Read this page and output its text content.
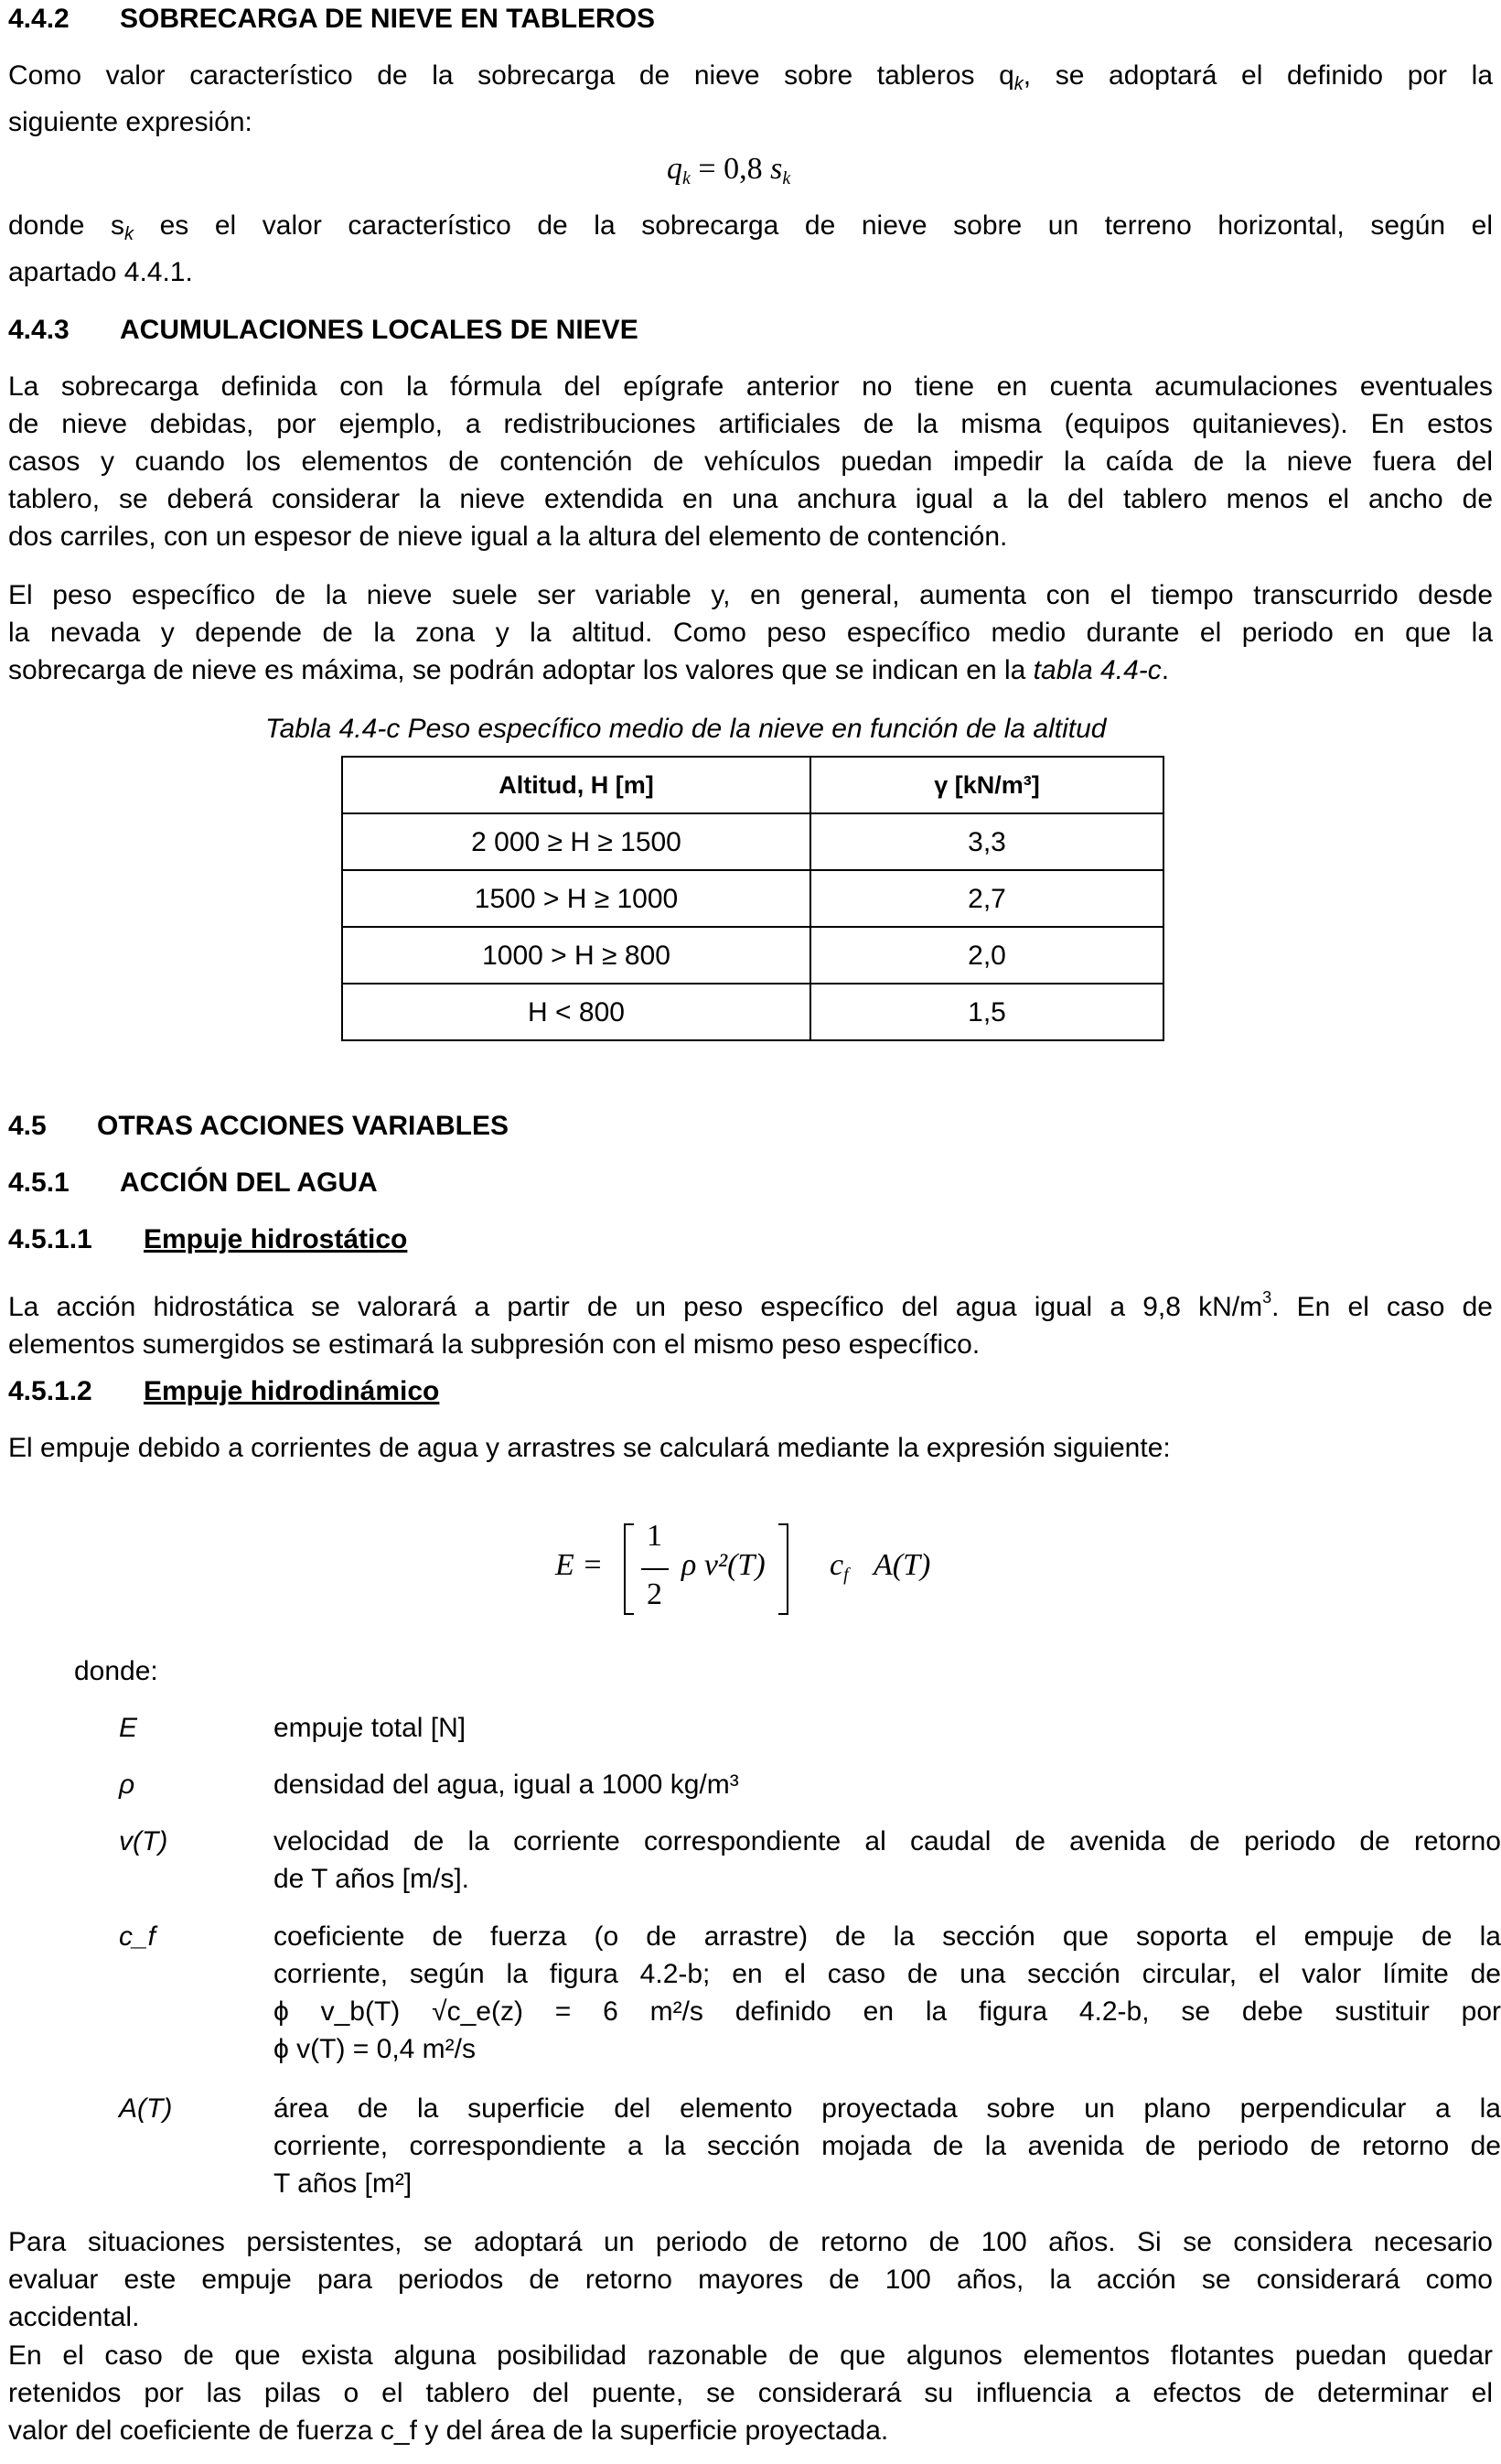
4.4.2 SOBRECARGA DE NIEVE EN TABLEROS
Como valor característico de la sobrecarga de nieve sobre tableros $q_k$, se adoptará el definido por la
siguiente expresión:
$q_k = 0,8$ $s_k$
donde $s_k$ es el valor característico de la sobrecarga de nieve sobre un terreno horizontal, según el
apartado 4.4.1.
4.4.3 ACUMULACIONES LOCALES DE NIEVE
La sobrecarga definida con la fórmula del epígrafe anterior no tiene en cuenta acumulaciones eventuales
de nieve debidas, por ejemplo, a redistribuciones artificiales de la misma (equipos quitanieves). En estos
casos y cuando los elementos de contención de vehículos puedan impedir la caída de la nieve fuera del
tablero, se deberá considerar la nieve extendida en una anchura igual a la del tablero menos el ancho de
dos carriles, con un espesor de nieve igual a la altura del elemento de contención.
El peso específico de la nieve suele ser variable y, en general, aumenta con el tiempo transcurrido desde
la nevada y depende de la zona y la altitud. Como peso específico medio durante el periodo en que la
sobrecarga de nieve es máxima, se podrán adoptar los valores que se indican en la tabla 4.4-c.
Tabla 4.4-c Peso específico medio de la nieve en función de la altitud
Altitud, H [m]	γ [kN/m³]
2 000 ≥ H ≥ 1500	3,3
1500 > H ≥ 1000	2,7
1000 > H ≥ 800	2,0
H < 800	1,5
4.5 OTRAS ACCIONES VARIABLES
4.5.1 ACCIÓN DEL AGUA
4.5.1.1 Empuje hidrostático
La acción hidrostática se valorará a partir de un peso específico del agua igual a 9,8 $kN/m^3$. En el caso de
elementos sumergidos se estimará la subpresión con el mismo peso específico.
4.5.1.2 Empuje hidrodinámico
El empuje debido a corrientes de agua y arrastres se calculará mediante la expresión siguiente:
E =
1
2
ρ v²(T) $c_f$ A(T)
donde:
E	empuje total [N]
ρ	densidad del agua, igual a 1000 kg/m³
v(T)	velocidad de la corriente correspondiente al caudal de avenida de periodo de retorno
de T años [m/s].
c_f	coeficiente de fuerza (o de arrastre) de la sección que soporta el empuje de la
corriente, según la figura 4.2-b; en el caso de una sección circular, el valor límite de
ϕ v_b(T) √c_e(z) = 6 m²/s definido en la figura 4.2-b, se debe sustituir por
ϕ v(T) = 0,4 m²/s
A(T)	área de la superficie del elemento proyectada sobre un plano perpendicular a la
corriente, correspondiente a la sección mojada de la avenida de periodo de retorno de
T años [m²]
Para situaciones persistentes, se adoptará un periodo de retorno de 100 años. Si se considera necesario
evaluar este empuje para periodos de retorno mayores de 100 años, la acción se considerará como
accidental.
En el caso de que exista alguna posibilidad razonable de que algunos elementos flotantes puedan quedar
retenidos por las pilas o el tablero del puente, se considerará su influencia a efectos de determinar el
valor del coeficiente de fuerza c_f y del área de la superficie proyectada.
